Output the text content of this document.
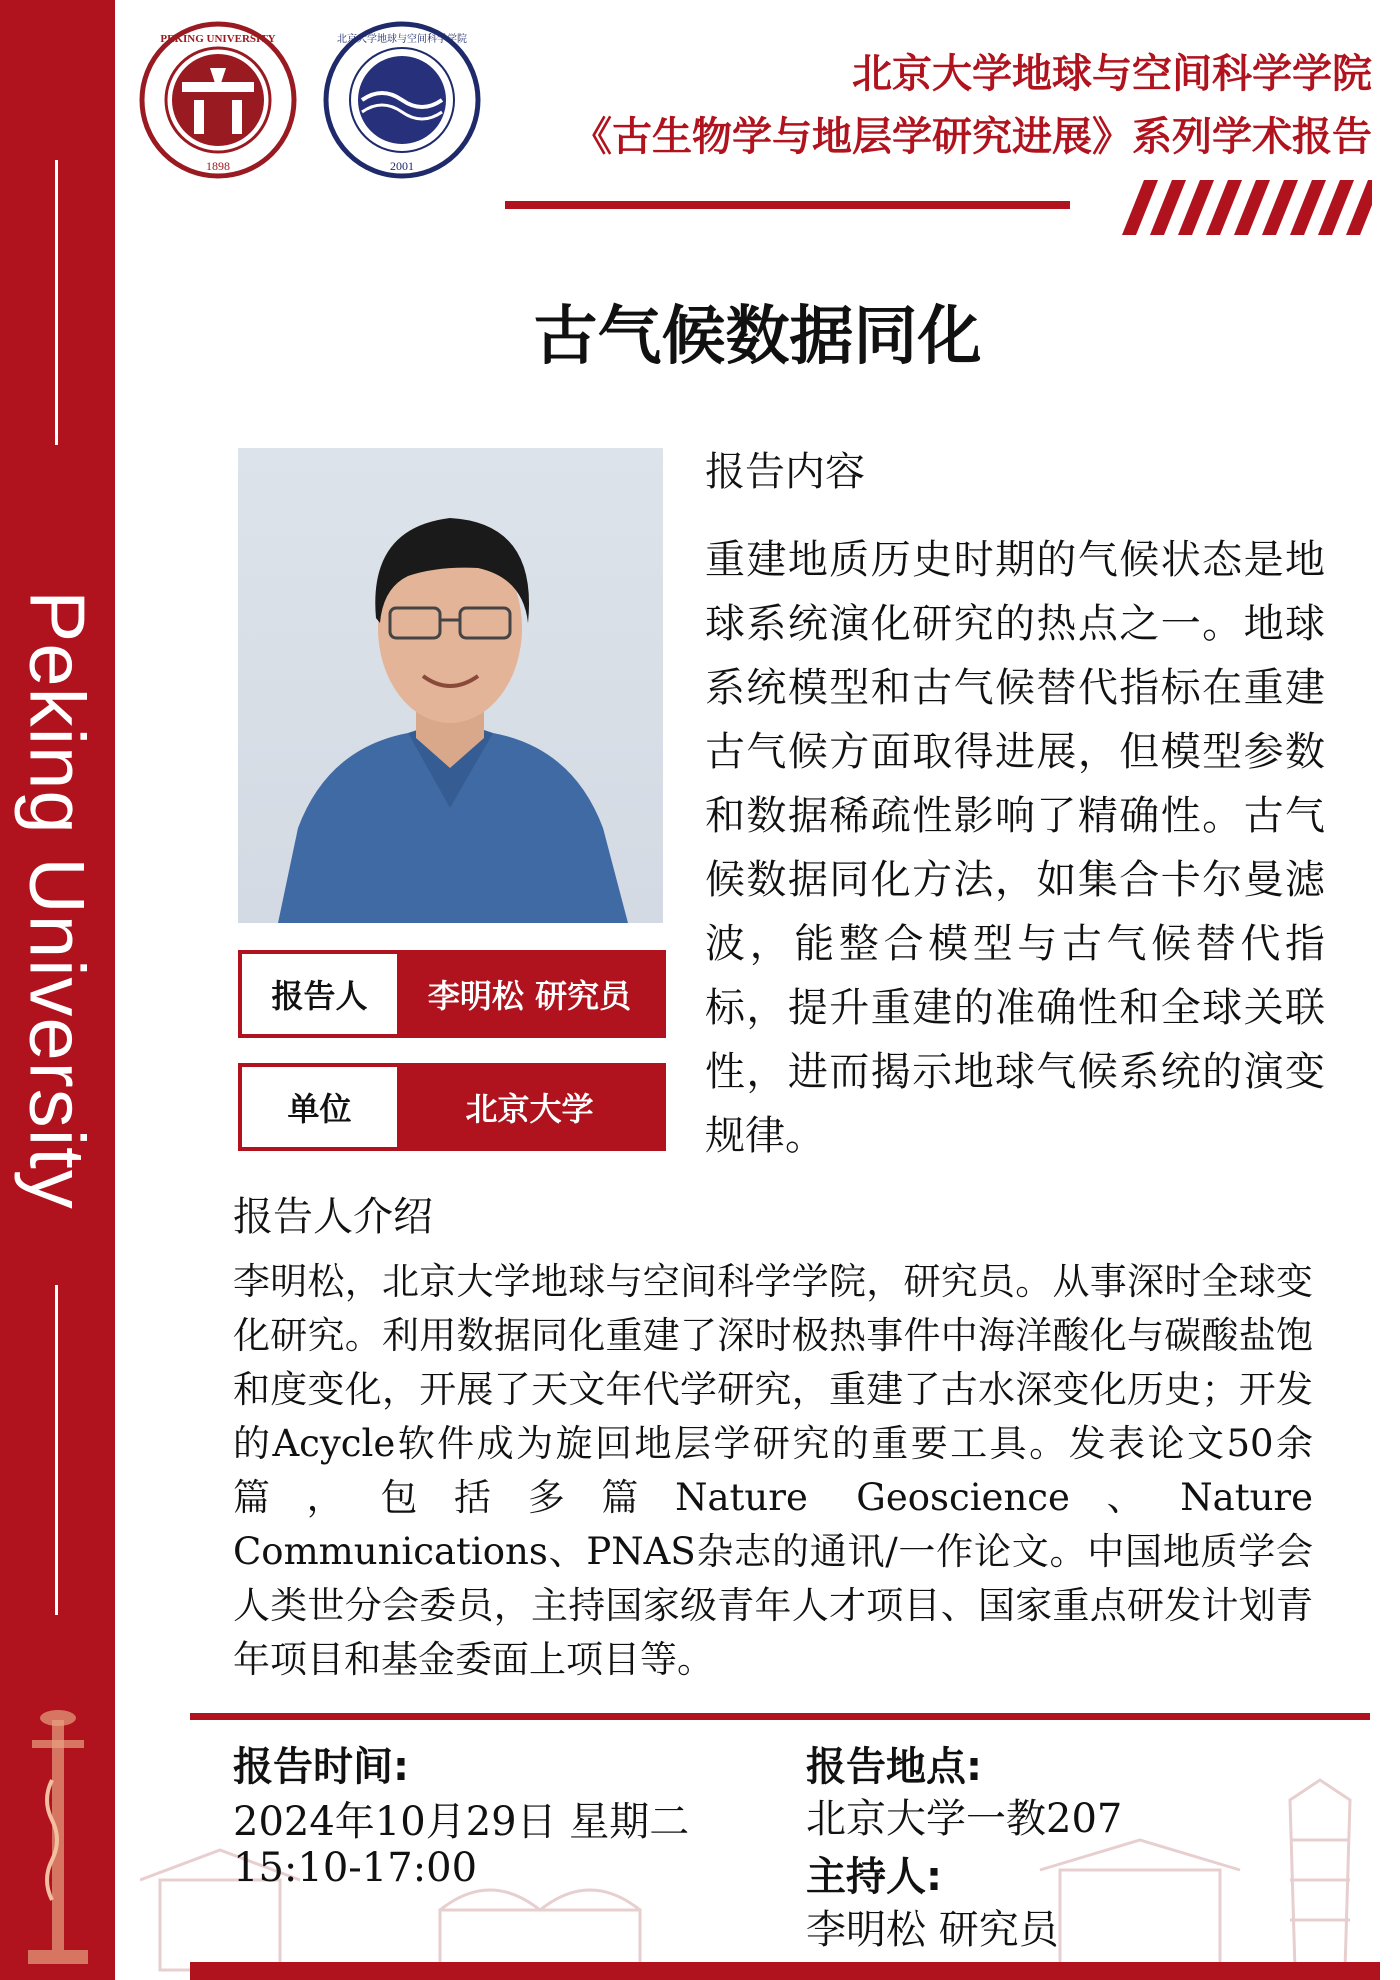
Peking University
PEKING UNIVERSITY
1898
北京大学地球与空间科学学院
2001
北京大学地球与空间科学学院
《古生物学与地层学研究进展》系列学术报告
古气候数据同化
报告人	李明松 研究员
单位	北京大学
报告内容
重建地质历史时期的气候状态是地球系统演化研究的热点之一。地球系统模型和古气候替代指标在重建古气候方面取得进展，但模型参数和数据稀疏性影响了精确性。古气候数据同化方法，如集合卡尔曼滤波，能整合模型与古气候替代指标，提升重建的准确性和全球关联性，进而揭示地球气候系统的演变规律。
报告人介绍
李明松，北京大学地球与空间科学学院，研究员。从事深时全球变化研究。利用数据同化重建了深时极热事件中海洋酸化与碳酸盐饱和度变化，开展了天文年代学研究，重建了古水深变化历史；开发的Acycle软件成为旋回地层学研究的重要工具。发表论文50余篇，包括多篇Nature Geoscience、Nature Communications、PNAS杂志的通讯/一作论文。中国地质学会人类世分会委员，主持国家级青年人才项目、国家重点研发计划青年项目和基金委面上项目等。
报告时间:
2024年10月29日 星期二
15:10-17:00
报告地点:
北京大学一教207
主持人:
李明松 研究员
